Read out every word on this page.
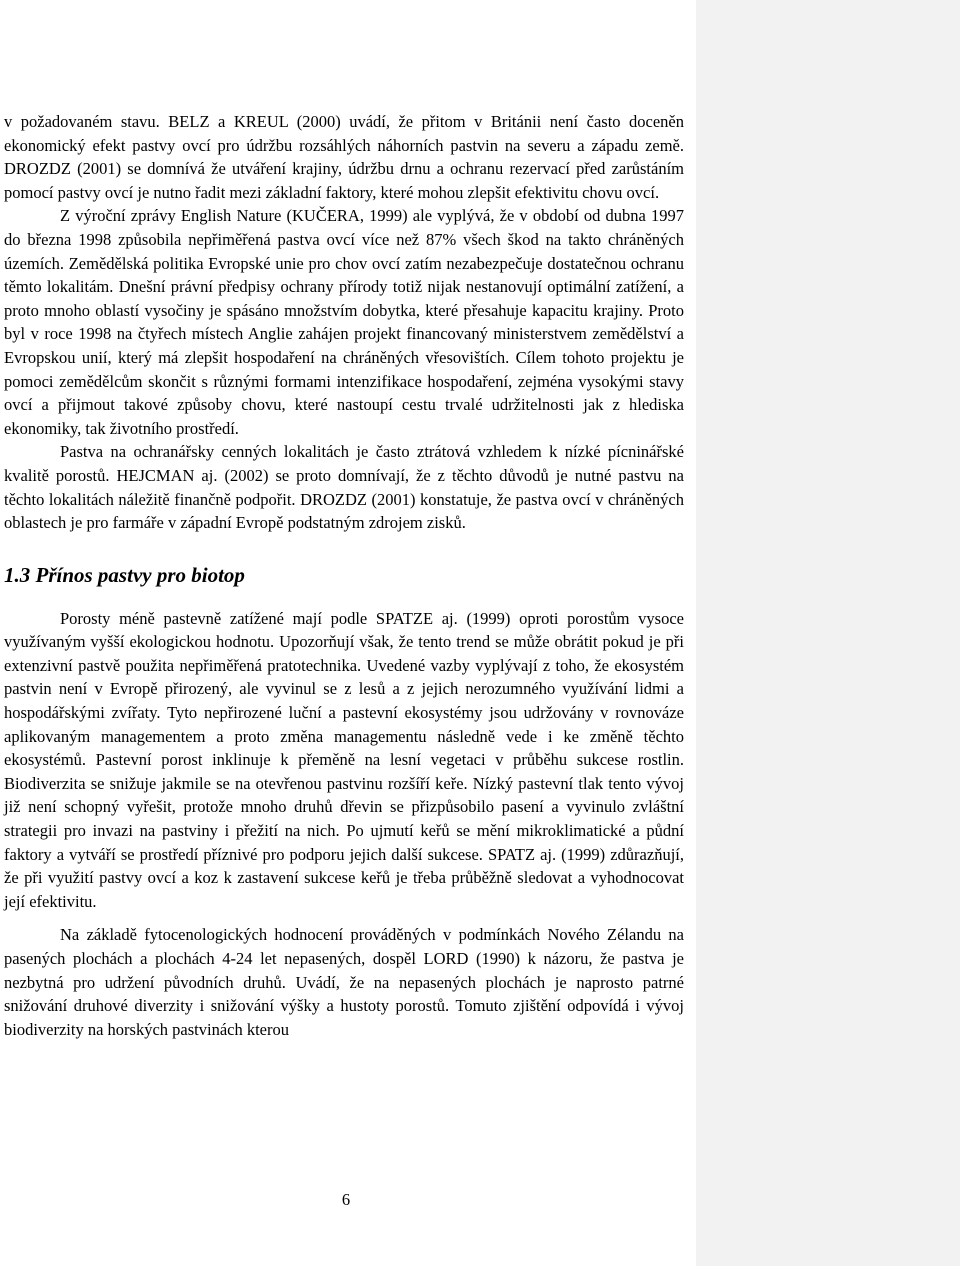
v požadovaném stavu. BELZ a KREUL (2000) uvádí, že přitom v Británii není často doceněn ekonomický efekt pastvy ovcí pro údržbu rozsáhlých náhorních pastvin na severu a západu země. DROZDZ (2001) se domnívá že utváření krajiny, údržbu drnu a ochranu rezervací před zarůstáním pomocí pastvy ovcí je nutno řadit mezi základní faktory, které mohou zlepšit efektivitu chovu ovcí.

Z výroční zprávy English Nature (KUČERA, 1999) ale vyplývá, že v období od dubna 1997 do března 1998 způsobila nepřiměřená pastva ovcí více než 87% všech škod na takto chráněných územích. Zemědělská politika Evropské unie pro chov ovcí zatím nezabezpečuje dostatečnou ochranu těmto lokalitám. Dnešní právní předpisy ochrany přírody totiž nijak nestanovují optimální zatížení, a proto mnoho oblastí vysočiny je spásáno množstvím dobytka, které přesahuje kapacitu krajiny. Proto byl v roce 1998 na čtyřech místech Anglie zahájen projekt financovaný ministerstvem zemědělství a Evropskou unií, který má zlepšit hospodaření na chráněných vřesovištích. Cílem tohoto projektu je pomoci zemědělcům skončit s různými formami intenzifikace hospodaření, zejména vysokými stavy ovcí a přijmout takové způsoby chovu, které nastoupí cestu trvalé udržitelnosti jak z hlediska ekonomiky, tak životního prostředí.

Pastva na ochranářsky cenných lokalitách je často ztrátová vzhledem k nízké pícninářské kvalitě porostů. HEJCMAN aj. (2002) se proto domnívají, že z těchto důvodů je nutné pastvu na těchto lokalitách náležitě finančně podpořit. DROZDZ (2001) konstatuje, že pastva ovcí v chráněných oblastech je pro farmáře v západní Evropě podstatným zdrojem zisků.

1.3 Přínos pastvy pro biotop

Porosty méně pastevně zatížené mají podle SPATZE aj. (1999) oproti porostům vysoce využívaným vyšší ekologickou hodnotu. Upozorňují však, že tento trend se může obrátit pokud je při extenzivní pastvě použita nepřiměřená pratotechnika. Uvedené vazby vyplývají z toho, že ekosystém pastvin není v Evropě přirozený, ale vyvinul se z lesů a z jejich nerozumného využívání lidmi a hospodářskými zvířaty. Tyto nepřirozené luční a pastevní ekosystémy jsou udržovány v rovnováze aplikovaným managementem a proto změna managementu následně vede i ke změně těchto ekosystémů. Pastevní porost inklinuje k přeměně na lesní vegetaci v průběhu sukcese rostlin. Biodiverzita se snižuje jakmile se na otevřenou pastvinu rozšíří keře. Nízký pastevní tlak tento vývoj již není schopný vyřešit, protože mnoho druhů dřevin se přizpůsobilo pasení a vyvinulo zvláštní strategii pro invazi na pastviny i přežití na nich. Po ujmutí keřů se mění mikroklimatické a půdní faktory a vytváří se prostředí příznivé pro podporu jejich další sukcese. SPATZ aj. (1999) zdůrazňují, že při využití pastvy ovcí a koz k zastavení sukcese keřů je třeba průběžně sledovat a vyhodnocovat její efektivitu.

Na základě fytocenologických hodnocení prováděných v podmínkách Nového Zélandu na pasených plochách a plochách 4-24 let nepasených, dospěl LORD (1990) k názoru, že pastva je nezbytná pro udržení původních druhů. Uvádí, že na nepasených plochách je naprosto patrné snižování druhové diverzity i snižování výšky a hustoty porostů. Tomuto zjištění odpovídá i vývoj biodiverzity na horských pastvinách kterou

6
